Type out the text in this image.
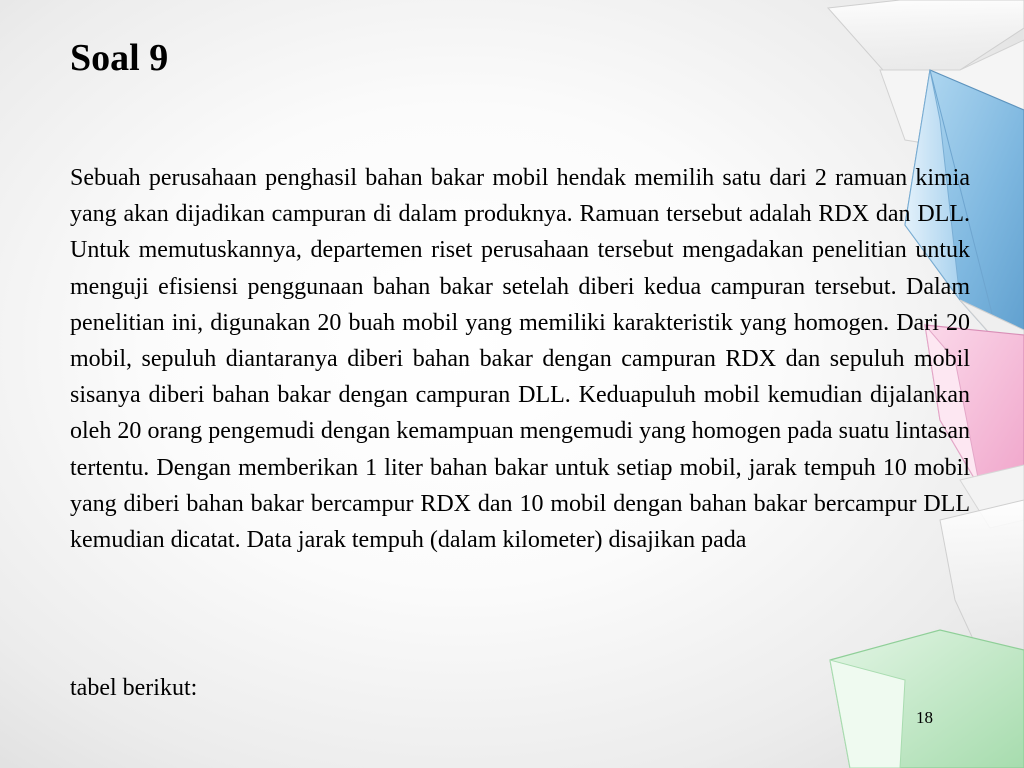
Soal 9

Sebuah perusahaan penghasil bahan bakar mobil hendak memilih satu dari 2 ramuan kimia yang akan dijadikan campuran di dalam produknya. Ramuan tersebut adalah RDX dan DLL. Untuk memutuskannya, departemen riset perusahaan tersebut mengadakan penelitian untuk menguji efisiensi penggunaan bahan bakar setelah diberi kedua campuran tersebut. Dalam penelitian ini, digunakan 20 buah mobil yang memiliki karakteristik yang homogen. Dari 20 mobil, sepuluh diantaranya diberi bahan bakar dengan campuran RDX dan sepuluh mobil sisanya diberi bahan bakar dengan campuran DLL. Keduapuluh mobil kemudian dijalankan oleh 20 orang pengemudi dengan kemampuan mengemudi yang homogen pada suatu lintasan tertentu. Dengan memberikan 1 liter bahan bakar untuk setiap mobil, jarak tempuh 10 mobil yang diberi bahan bakar bercampur RDX dan 10 mobil dengan bahan bakar bercampur DLL kemudian dicatat. Data jarak tempuh (dalam kilometer) disajikan pada

tabel berikut:

18
